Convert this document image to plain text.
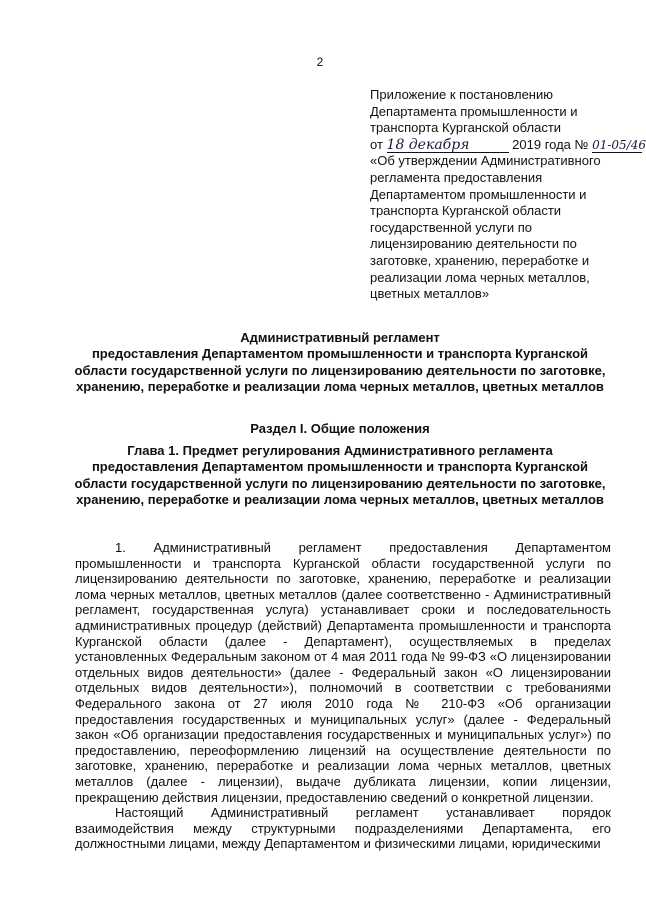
2
Приложение к постановлению
Департамента промышленности и
транспорта Курганской области
от 18 декабря	2019 года № 01-05/46
«Об утверждении Административного
регламента предоставления
Департаментом промышленности и
транспорта Курганской области
государственной услуги по
лицензированию деятельности по
заготовке, хранению, переработке и
реализации лома черных металлов,
цветных металлов»
Административный регламент
предоставления Департаментом промышленности и транспорта Курганской
области государственной услуги по лицензированию деятельности по заготовке,
хранению, переработке и реализации лома черных металлов, цветных металлов
Раздел I. Общие положения
Глава 1. Предмет регулирования Административного регламента
предоставления Департаментом промышленности и транспорта Курганской
области государственной услуги по лицензированию деятельности по заготовке,
хранению, переработке и реализации лома черных металлов, цветных металлов

1. Административный регламент предоставления Департаментом промышленности и транспорта Курганской области государственной услуги по лицензированию деятельности по заготовке, хранению, переработке и реализации лома черных металлов, цветных металлов (далее соответственно - Административный регламент, государственная услуга) устанавливает сроки и последовательность административных процедур (действий) Департамента промышленности и транспорта Курганской области (далее - Департамент), осуществляемых в пределах установленных Федеральным законом от 4 мая 2011 года № 99-ФЗ «О лицензировании отдельных видов деятельности» (далее - Федеральный закон «О лицензировании отдельных видов деятельности»), полномочий в соответствии с требованиями Федерального закона от 27 июля 2010 года № 210-ФЗ «Об организации предоставления государственных и муниципальных услуг» (далее - Федеральный закон «Об организации предоставления государственных и муниципальных услуг») по предоставлению, переоформлению лицензий на осуществление деятельности по заготовке, хранению, переработке и реализации лома черных металлов, цветных металлов (далее - лицензии), выдаче дубликата лицензии, копии лицензии, прекращению действия лицензии, предоставлению сведений о конкретной лицензии.

Настоящий Административный регламент устанавливает порядок взаимодействия между структурными подразделениями Департамента, его должностными лицами, между Департаментом и физическими лицами, юридическими
